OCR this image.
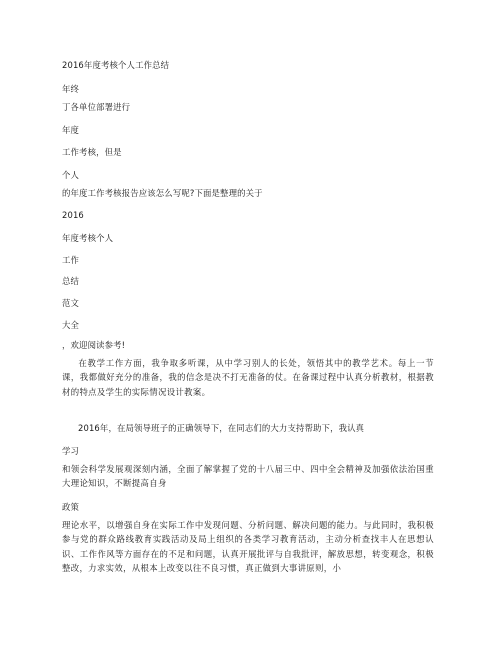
2016年度考核个人工作总结
年终
丁各单位部署进行
年度
工作考核，但是
个人
的年度工作考核报告应该怎么写呢?下面是整理的关于
2016
年度考核个人
工作
总结
范文
大全
，欢迎阅读参考!
在教学工作方面，我争取多听课，从中学习别人的长处，领悟其中的教学艺术。每上一节课，我都做好充分的准备，我的信念是决不打无准备的仗。在备课过程中认真分析教材，根据教材的特点及学生的实际情况设计教案。
2016年，在局领导班子的正确领导下，在同志们的大力支持帮助下，我认真
学习
和领会科学发展观深刻内涵，全面了解掌握了党的十八届三中、四中全会精神及加强依法治国重大理论知识，不断提高自身
政策
理论水平，以增强自身在实际工作中发现问题、分析问题、解决问题的能力。与此同时，我积极参与党的群众路线教育实践活动及局上组织的各类学习教育活动，主动分析查找丰人在思想认识、工作作风等方面存在的不足和问题，认真开展批评与自我批评，解放思想，转变观念，积极整改，力求实效，从根本上改变以往不良习惯，真正做到大事讲原则，小
